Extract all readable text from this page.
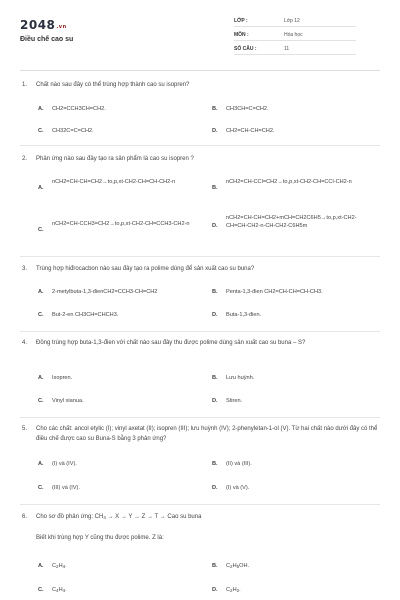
2048.vn
Điều chế cao su
LỚP :	Lớp 12
MÔN :	Hóa học
SỐ CÂU :	11
1. Chất nào sau đây có thể trùng hợp thành cao su isopren?
A. CH2=CCH3CH=CH2.	B. CH3CH=C=CH2.
C. CH32C=C=CH2.	D. CH2=CH-CH=CH2.
2. Phản ứng nào sau đây tạo ra sản phẩm là cao su isopren ?
A.
nCH2=CH-CH=CH2→to,p,xt-CH2-CH=CH-CH2-n
B.
nCH2=CH-CCl=CH2→to,p,xt-CH2-CH=CCl-CH2-n
C.
nCH2=CH-CCH3=CH2→to,p,xt-CH2-CH=CCH3-CH2-n	D.
nCH2=CH-CH=CH2+mCH=CH2C6H5→to,p,xt-CH2-CH=CH-CH2-n-CH-CH2-C6H5m
3. Trùng hợp hiđrocacbon nào sau đây tạo ra polime dùng để sản xuất cao su buna?
A. 2-metylbuta-1,3-đienCH2=CCH3-CH=CH2	B. Penta-1,3-đien CH2=CH-CH=CH-CH3.
C. But-2-en CH3CH=CHCH3.	D. Buta-1,3-đien.
4. Đồng trùng hợp buta-1,3-đien với chất nào sau đây thu được polime dùng sản xuất cao su buna – S?
A. Isopren.	B. Lưu huỳnh.
C. Vinyl xianua.	D. Stiren.
5. Cho các chất: ancol etylic (I); vinyl axetat (II); isopren (III); lưu huỳnh (IV); 2-phenyletan-1-ol (V). Từ hai chất nào dưới đây có thể điều chế được cao su Buna-S bằng 3 phản ứng?
A. (I) và (IV).	B. (II) và (III).
C. (III) và (IV).	D. (I) và (V).
6. Cho sơ đồ phản ứng: $CH_4 \to X \to Y \to Z \to T$ → Cao su buna
Biết khi trùng hợp Y cũng thu được polime. Z là:
A. $C_2H_4$.	B. $C_2H_5OH$.
C. $C_4H_4$.	D. $C_2H_2$.
